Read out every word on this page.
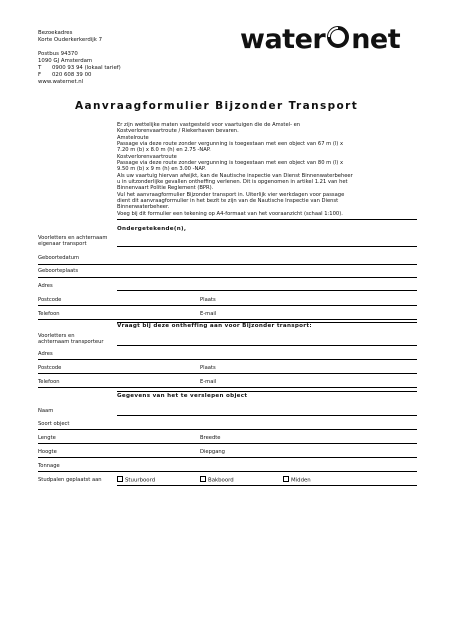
Bezoekadres
Korte Ouderkerkerdijk 7
Postbus 94370
1090 GJ Amsterdam
T 0900 93 94 (lokaal tarief)
F 020 608 39 00
www.waternet.nl
water net
Aanvraagformulier Bijzonder Transport
Er zijn wettelijke maten vastgesteld voor vaartuigen die de Amstel- en
Kostverlorenvaartroute / Riekerhaven bevaren.
Amstelroute
Passage via deze route zonder vergunning is toegestaan met een object van 67 m (l) x
7.20 m (b) x 8.0 m (h) en 2.75 -NAP.
Kostverlorenvaartroute
Passage via deze route zonder vergunning is toegestaan met een object van 80 m (l) x
9.50 m (b) x 9 m (h) en 3.00 -NAP.
Als uw vaartuig hiervan afwijkt, kan de Nautische inspectie van Dienst Binnenwaterbeheer
u in uitzonderlijke gevallen ontheffing verlenen. Dit is opgenomen in artikel 1.21 van het
Binnenvaart Politie Reglement (BPR).
Vul het aanvraagformulier Bijzonder transport in. Uiterlijk vier werkdagen voor passage
dient dit aanvraagformulier in het bezit te zijn van de Nautische Inspectie van Dienst
Binnenwaterbeheer.
Voeg bij dit formulier een tekening op A4-formaat van het vooraanzicht (schaal 1:100).
Ondergetekende(n),
Voorletters en achternaam
eigenaar transport
Geboortedatum
Geboorteplaats
Adres
Postcode	Plaats
Telefoon	E-mail
Vraagt bij deze ontheffing aan voor Bijzonder transport:
Voorletters en
achternaam transporteur
Adres
Postcode	Plaats
Telefoon	E-mail
Gegevens van het te verslepen object
Naam
Soort object
Lengte	Breedte
Hoogte	Diepgang
Tonnage
Studpalen geplaatst aan	Stuurboord	Bakboord	Midden
